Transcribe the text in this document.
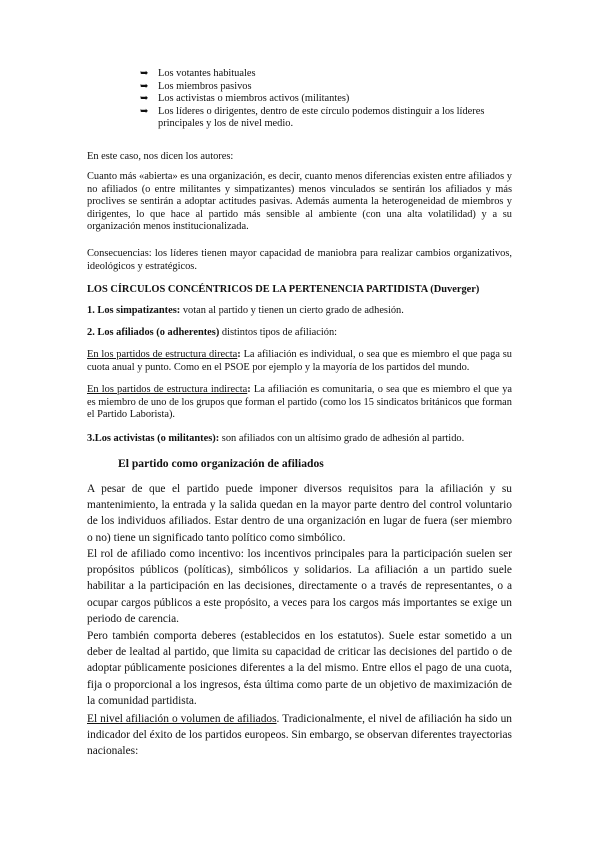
➥ Los votantes habituales
➥ Los miembros pasivos
➥ Los activistas o miembros activos (militantes)
➥ Los líderes o dirigentes, dentro de este círculo podemos distinguir a los líderes principales y los de nivel medio.

En este caso, nos dicen los autores:

Cuanto más «abierta» es una organización, es decir, cuanto menos diferencias existen entre afiliados y no afiliados (o entre militantes y simpatizantes) menos vinculados se sentirán los afiliados y más proclives se sentirán a adoptar actitudes pasivas. Además aumenta la heterogeneidad de miembros y dirigentes, lo que hace al partido más sensible al ambiente (con una alta volatilidad) y a su organización menos institucionalizada.

Consecuencias: los líderes tienen mayor capacidad de maniobra para realizar cambios organizativos, ideológicos y estratégicos.

LOS CÍRCULOS CONCÉNTRICOS DE LA PERTENENCIA PARTIDISTA (Duverger)

1. Los simpatizantes: votan al partido y tienen un cierto grado de adhesión.

2. Los afiliados (o adherentes) distintos tipos de afiliación:

En los partidos de estructura directa: La afiliación es individual, o sea que es miembro el que paga su cuota anual y punto. Como en el PSOE por ejemplo y la mayoría de los partidos del mundo.

En los partidos de estructura indirecta: La afiliación es comunitaria, o sea que es miembro el que ya es miembro de uno de los grupos que forman el partido (como los 15 sindicatos británicos que forman el Partido Laborista).

3.Los activistas (o militantes): son afiliados con un altísimo grado de adhesión al partido.

El partido como organización de afiliados

A pesar de que el partido puede imponer diversos requisitos para la afiliación y su mantenimiento, la entrada y la salida quedan en la mayor parte dentro del control voluntario de los individuos afiliados. Estar dentro de una organización en lugar de fuera (ser miembro o no) tiene un significado tanto político como simbólico.

El rol de afiliado como incentivo: los incentivos principales para la participación suelen ser propósitos públicos (políticas), simbólicos y solidarios. La afiliación a un partido suele habilitar a la participación en las decisiones, directamente o a través de representantes, o a ocupar cargos públicos a este propósito, a veces para los cargos más importantes se exige un periodo de carencia.

Pero también comporta deberes (establecidos en los estatutos). Suele estar sometido a un deber de lealtad al partido, que limita su capacidad de criticar las decisiones del partido o de adoptar públicamente posiciones diferentes a la del mismo. Entre ellos el pago de una cuota, fija o proporcional a los ingresos, ésta última como parte de un objetivo de maximización de la comunidad partidista.

El nivel afiliación o volumen de afiliados. Tradicionalmente, el nivel de afiliación ha sido un indicador del éxito de los partidos europeos. Sin embargo, se observan diferentes trayectorias nacionales:
